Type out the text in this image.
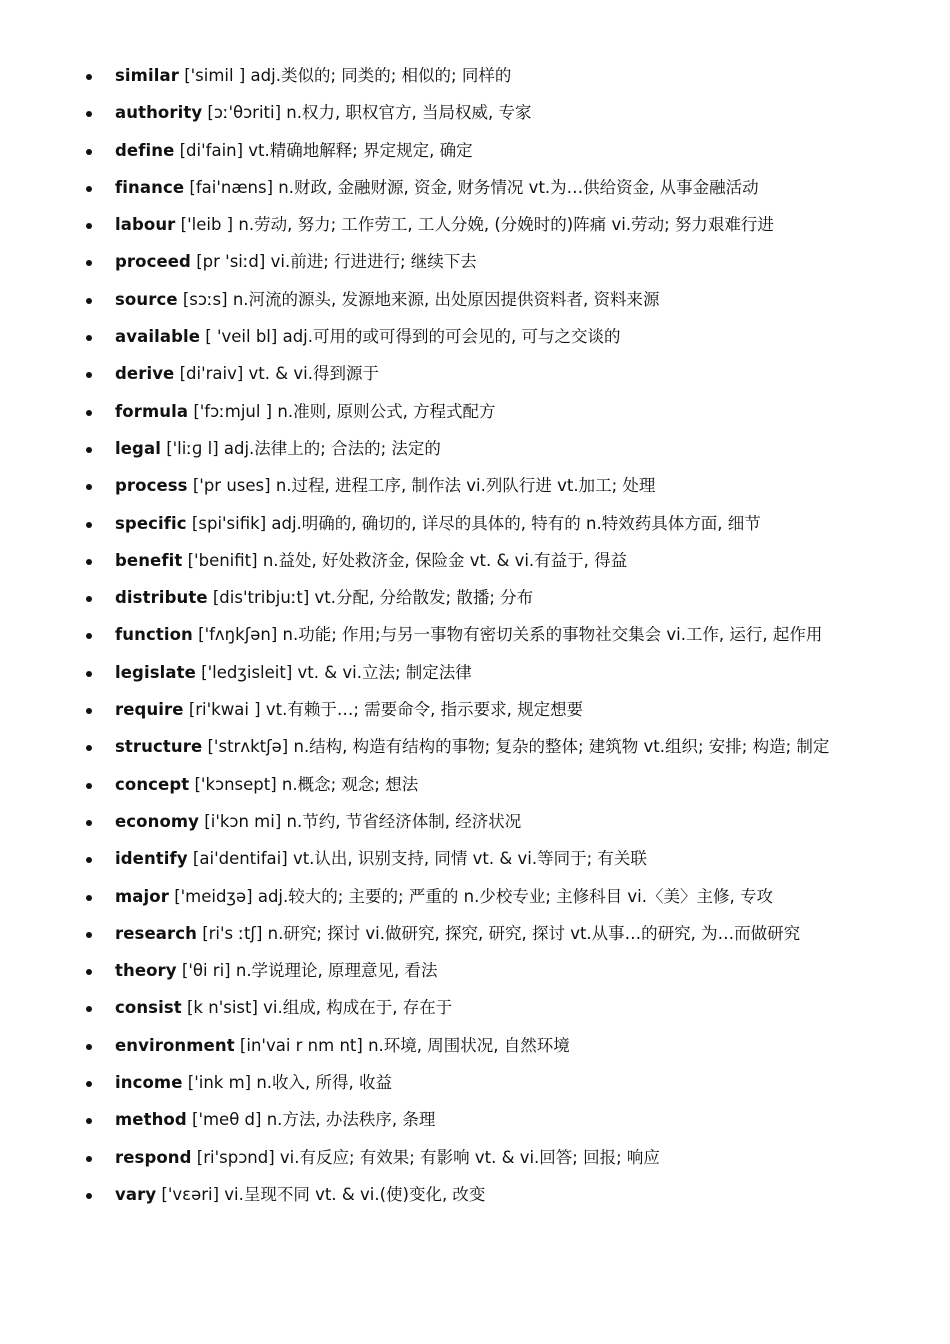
similar ['simil ] adj.类似的; 同类的; 相似的; 同样的
authority [ɔː'θɔriti] n.权力, 职权官方, 当局权威, 专家
define [di'fain] vt.精确地解释; 界定规定, 确定
finance [fai'næns] n.财政, 金融财源, 资金, 财务情况 vt.为…供给资金, 从事金融活动
labour ['leib ] n.劳动, 努力; 工作劳工, 工人分娩, (分娩时的)阵痛 vi.劳动; 努力艰难行进
proceed [pr 'siːd] vi.前进; 行进进行; 继续下去
source [sɔːs] n.河流的源头, 发源地来源, 出处原因提供资料者, 资料来源
available [ 'veil bl] adj.可用的或可得到的可会见的, 可与之交谈的
derive [di'raiv] vt. & vi.得到源于
formula ['fɔːmjul ] n.准则, 原则公式, 方程式配方
legal ['liːɡ l] adj.法律上的; 合法的; 法定的
process ['pr uses] n.过程, 进程工序, 制作法 vi.列队行进 vt.加工; 处理
specific [spi'sifik] adj.明确的, 确切的, 详尽的具体的, 特有的 n.特效药具体方面, 细节
benefit ['benifit] n.益处, 好处救济金, 保险金 vt. & vi.有益于, 得益
distribute [dis'tribjuːt] vt.分配, 分给散发; 散播; 分布
function ['fʌŋkʃən] n.功能; 作用;与另一事物有密切关系的事物社交集会 vi.工作, 运行, 起作用
legislate ['ledʒisleit] vt. & vi.立法; 制定法律
require [ri'kwai ] vt.有赖于…; 需要命令, 指示要求, 规定想要
structure ['strʌktʃə] n.结构, 构造有结构的事物; 复杂的整体; 建筑物 vt.组织; 安排; 构造; 制定
concept ['kɔnsept] n.概念; 观念; 想法
economy [i'kɔn mi] n.节约, 节省经济体制, 经济状况
identify [ai'dentifai] vt.认出, 识别支持, 同情 vt. & vi.等同于; 有关联
major ['meidʒə] adj.较大的; 主要的; 严重的 n.少校专业; 主修科目 vi.〈美〉主修, 专攻
research [ri's ːtʃ] n.研究; 探讨 vi.做研究, 探究, 研究, 探讨 vt.从事…的研究, 为…而做研究
theory ['θi ri] n.学说理论, 原理意见, 看法
consist [k n'sist] vi.组成, 构成在于, 存在于
environment [in'vai r nm nt] n.环境, 周围状况, 自然环境
income ['ink m] n.收入, 所得, 收益
method ['meθ d] n.方法, 办法秩序, 条理
respond [ri'spɔnd] vi.有反应; 有效果; 有影响 vt. & vi.回答; 回报; 响应
vary ['vɛəri] vi.呈现不同 vt. & vi.(使)变化, 改变
